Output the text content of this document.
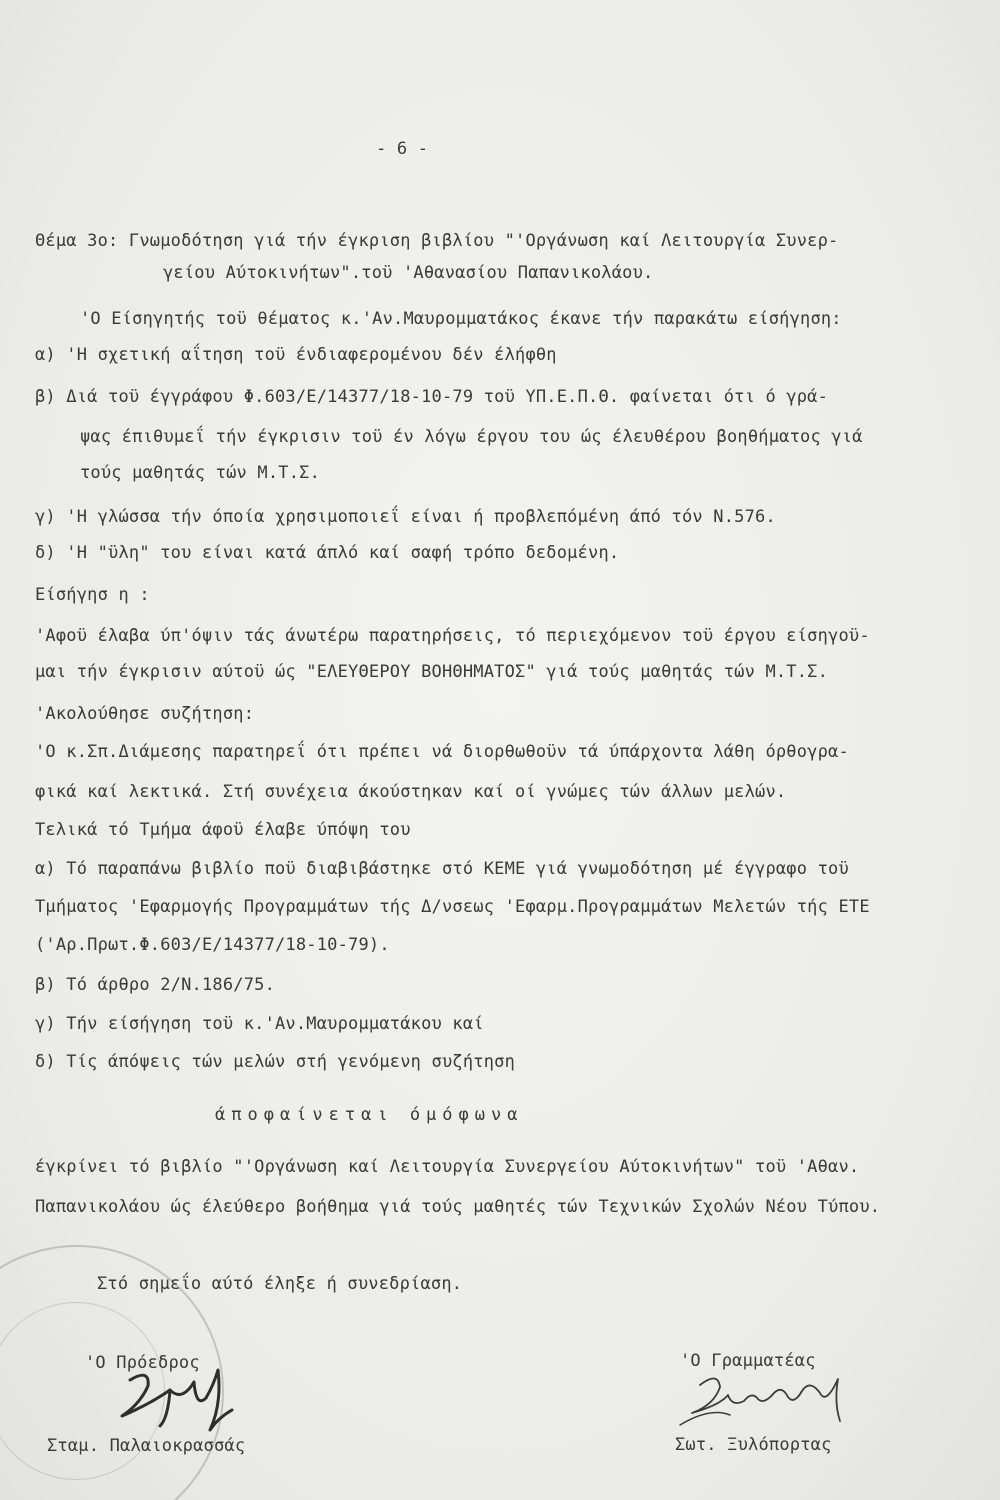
- 6 -
Θέμα 3ο: Γνωμοδότηση γιά τήν έγκριση βιβλίου "'Οργάνωση καί Λειτουργία Συνερ-
γείου Αύτοκινήτων".τοϋ 'Αθανασίου Παπανικολάου.
'Ο Είσηγητής τοϋ θέματος κ.'Αν.Μαυρομματάκος έκανε τήν παρακάτω είσήγηση:
α) 'Η σχετική αΐτηση τοϋ ένδιαφερομένου δέν έλήφθη
β) Διά τοϋ έγγράφου Φ.603/Ε/14377/18-10-79 τοϋ ΥΠ.Ε.Π.Θ. φαίνεται ότι ό γρά-
ψας έπιθυμεΐ τήν έγκρισιν τοϋ έν λόγω έργου του ώς έλευθέρου βοηθήματος γιά
τούς μαθητάς τών Μ.Τ.Σ.
γ) 'Η γλώσσα τήν όποία χρησιμοποιεΐ είναι ή προβλεπόμένη άπό τόν Ν.576.
δ) 'Η "ϋλη" του είναι κατά άπλό καί σαφή τρόπο δεδομένη.
Είσήγησ η :
'Αφοϋ έλαβα ύπ'όψιν τάς άνωτέρω παρατηρήσεις, τό περιεχόμενον τοϋ έργου είσηγοϋ-
μαι τήν έγκρισιν αύτοϋ ώς "ΕΛΕΥΘΕΡΟΥ ΒΟΗΘΗΜΑΤΟΣ" γιά τούς μαθητάς τών Μ.Τ.Σ.
'Ακολούθησε συζήτηση:
'Ο κ.Σπ.Διάμεσης παρατηρεΐ ότι πρέπει νά διορθωθοϋν τά ύπάρχοντα λάθη όρθογρα-
φικά καί λεκτικά. Στή συνέχεια άκούστηκαν καί οί γνώμες τών άλλων μελών.
Τελικά τό Τμήμα άφοϋ έλαβε ύπόψη του
α) Τό παραπάνω βιβλίο ποϋ διαβιβάστηκε στό ΚΕΜΕ γιά γνωμοδότηση μέ έγγραφο τοϋ
Τμήματος 'Εφαρμογής Προγραμμάτων τής Δ/νσεως 'Εφαρμ.Προγραμμάτων Μελετών τής ΕΤΕ
('Αρ.Πρωτ.Φ.603/Ε/14377/18-10-79).
β) Τό άρθρο 2/Ν.186/75.
γ) Τήν είσήγηση τοϋ κ.'Αν.Μαυρομματάκου καί
δ) Τίς άπόψεις τών μελών στή γενόμενη συζήτηση
άποφαίνεται όμόφωνα
έγκρίνει τό βιβλίο "'Οργάνωση καί Λειτουργία Συνεργείου Αύτοκινήτων" τοϋ 'Αθαν.
Παπανικολάου ώς έλεύθερο βοήθημα γιά τούς μαθητές τών Τεχνικών Σχολών Νέου Τύπου.
Στό σημεΐο αύτό έληξε ή συνεδρίαση.
'Ο Πρόεδρος	'Ο Γραμματέας
Σταμ. Παλαιοκρασσάς	Σωτ. Ξυλόπορτας
